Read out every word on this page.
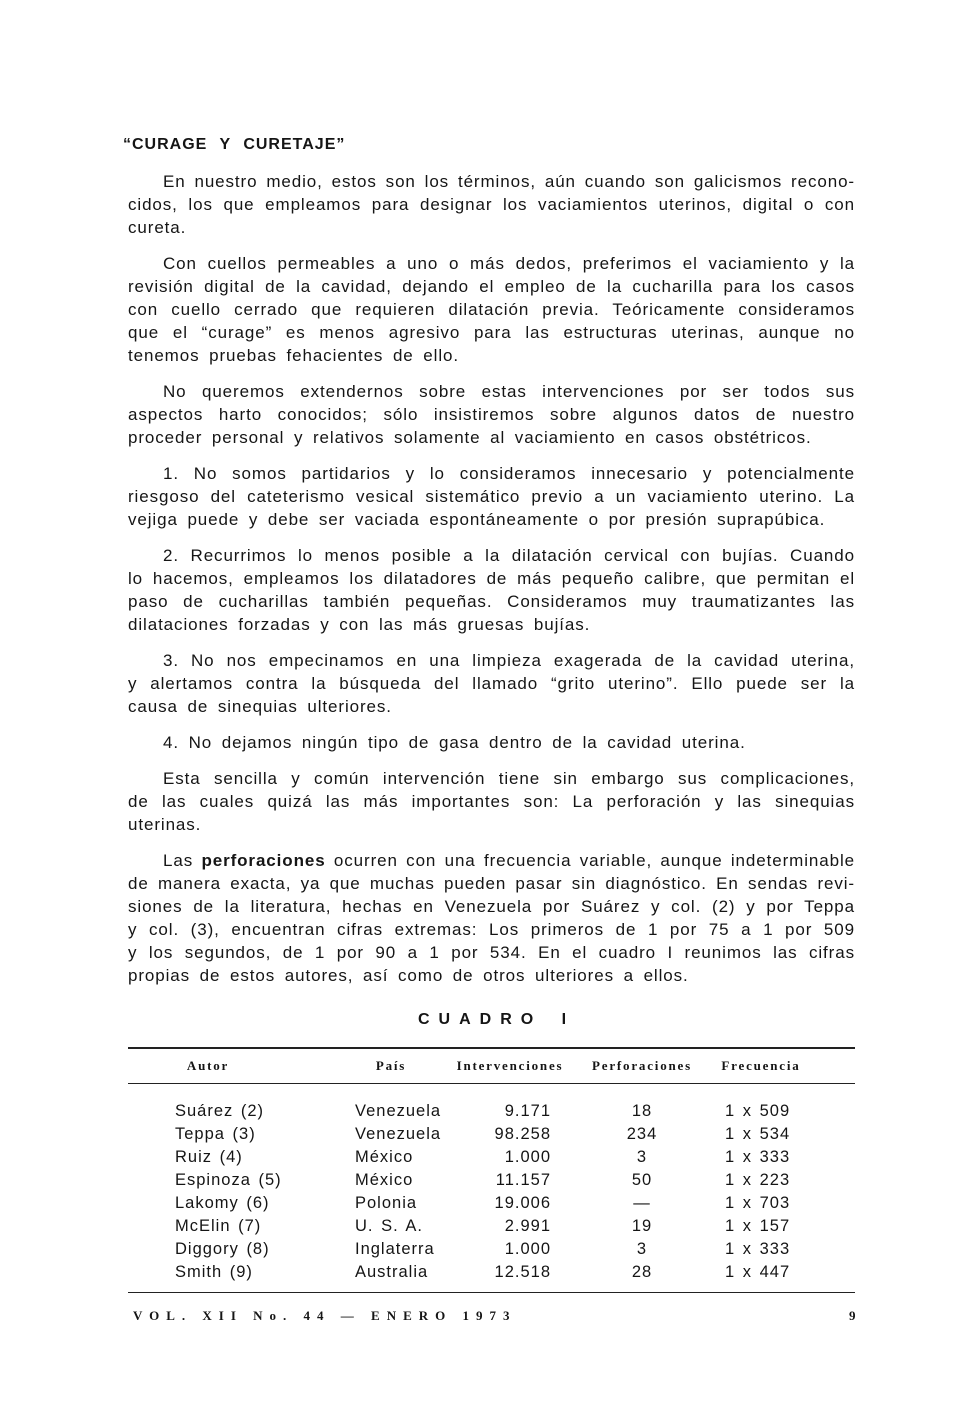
“CURAGE Y CURETAJE”
En nuestro medio, estos son los términos, aún cuando son galicismos recono-
cidos, los que empleamos para designar los vaciamientos uterinos, digital o con
cureta.
Con cuellos permeables a uno o más dedos, preferimos el vaciamiento y la
revisión digital de la cavidad, dejando el empleo de la cucharilla para los casos
con cuello cerrado que requieren dilatación previa. Teóricamente consideramos
que el “curage” es menos agresivo para las estructuras uterinas, aunque no
tenemos pruebas fehacientes de ello.
No queremos extendernos sobre estas intervenciones por ser todos sus
aspectos harto conocidos; sólo insistiremos sobre algunos datos de nuestro
proceder personal y relativos solamente al vaciamiento en casos obstétricos.
1. No somos partidarios y lo consideramos innecesario y potencialmente
riesgoso del cateterismo vesical sistemático previo a un vaciamiento uterino. La
vejiga puede y debe ser vaciada espontáneamente o por presión suprapúbica.
2. Recurrimos lo menos posible a la dilatación cervical con bujías. Cuando
lo hacemos, empleamos los dilatadores de más pequeño calibre, que permitan el
paso de cucharillas también pequeñas. Consideramos muy traumatizantes las
dilataciones forzadas y con las más gruesas bujías.
3. No nos empecinamos en una limpieza exagerada de la cavidad uterina,
y alertamos contra la búsqueda del llamado “grito uterino”. Ello puede ser la
causa de sinequias ulteriores.
4. No dejamos ningún tipo de gasa dentro de la cavidad uterina.
Esta sencilla y común intervención tiene sin embargo sus complicaciones,
de las cuales quizá las más importantes son: La perforación y las sinequias
uterinas.
Las perforaciones ocurren con una frecuencia variable, aunque indeterminable
de manera exacta, ya que muchas pueden pasar sin diagnóstico. En sendas revi-
siones de la literatura, hechas en Venezuela por Suárez y col. (2) y por Teppa
y col. (3), encuentran cifras extremas: Los primeros de 1 por 75 a 1 por 509
y los segundos, de 1 por 90 a 1 por 534. En el cuadro I reunimos las cifras
propias de estos autores, así como de otros ulteriores a ellos.
CUADRO I
Autor	País	Intervenciones	Perforaciones	Frecuencia
Suárez (2)	Venezuela	9.171	18	1 x 509
Teppa (3)	Venezuela	98.258	234	1 x 534
Ruiz (4)	México	1.000	3	1 x 333
Espinoza (5)	México	11.157	50	1 x 223
Lakomy (6)	Polonia	19.006	—	1 x 703
McElin (7)	U. S. A.	2.991	19	1 x 157
Diggory (8)	Inglaterra	1.000	3	1 x 333
Smith (9)	Australia	12.518	28	1 x 447
VOL. XII No. 44 — ENERO 1973	9
